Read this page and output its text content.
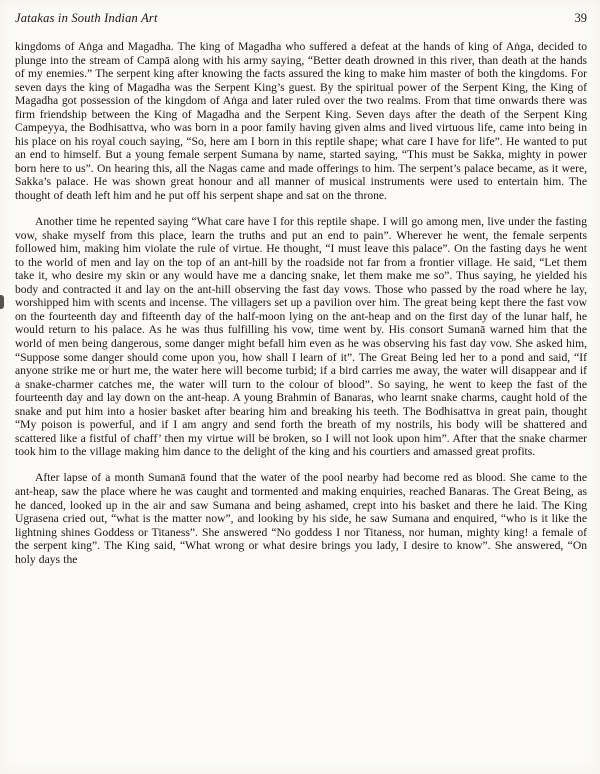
Jatakas in South Indian Art	39

kingdoms of Aṅga and Magadha. The king of Magadha who suffered a defeat at the hands of king of Aṅga, decided to plunge into the stream of Campā along with his army saying, “Better death drowned in this river, than death at the hands of my enemies.” The serpent king after knowing the facts assured the king to make him master of both the kingdoms. For seven days the king of Magadha was the Serpent King’s guest. By the spiritual power of the Serpent King, the King of Magadha got possession of the kingdom of Aṅga and later ruled over the two realms. From that time onwards there was firm friendship between the King of Magadha and the Serpent King. Seven days after the death of the Serpent King Campeyya, the Bodhisattva, who was born in a poor family having given alms and lived virtuous life, came into being in his place on his royal couch saying, “So, here am I born in this reptile shape; what care I have for life”. He wanted to put an end to himself. But a young female serpent Sumana by name, started saying, “This must be Sakka, mighty in power born here to us”. On hearing this, all the Nagas came and made offerings to him. The serpent’s palace became, as it were, Sakka’s palace. He was shown great honour and all manner of musical instruments were used to entertain him. The thought of death left him and he put off his serpent shape and sat on the throne.

Another time he repented saying “What care have I for this reptile shape. I will go among men, live under the fasting vow, shake myself from this place, learn the truths and put an end to pain”. Wherever he went, the female serpents followed him, making him violate the rule of virtue. He thought, “I must leave this palace”. On the fasting days he went to the world of men and lay on the top of an ant-hill by the roadside not far from a frontier village. He said, “Let them take it, who desire my skin or any would have me a dancing snake, let them make me so”. Thus saying, he yielded his body and contracted it and lay on the ant-hill observing the fast day vows. Those who passed by the road where he lay, worshipped him with scents and incense. The villagers set up a pavilion over him. The great being kept there the fast vow on the fourteenth day and fifteenth day of the half-moon lying on the ant-heap and on the first day of the lunar half, he would return to his palace. As he was thus fulfilling his vow, time went by. His consort Sumanā warned him that the world of men being dangerous, some danger might befall him even as he was observing his fast day vow. She asked him, “Suppose some danger should come upon you, how shall I learn of it”. The Great Being led her to a pond and said, “If anyone strike me or hurt me, the water here will become turbid; if a bird carries me away, the water will disappear and if a snake-charmer catches me, the water will turn to the colour of blood”. So saying, he went to keep the fast of the fourteenth day and lay down on the ant-heap. A young Brahmin of Banaras, who learnt snake charms, caught hold of the snake and put him into a hosier basket after bearing him and breaking his teeth. The Bodhisattva in great pain, thought “My poison is powerful, and if I am angry and send forth the breath of my nostrils, his body will be shattered and scattered like a fistful of chaff’ then my virtue will be broken, so I will not look upon him”. After that the snake charmer took him to the village making him dance to the delight of the king and his courtiers and amassed great profits.

After lapse of a month Sumanā found that the water of the pool nearby had become red as blood. She came to the ant-heap, saw the place where he was caught and tormented and making enquiries, reached Banaras. The Great Being, as he danced, looked up in the air and saw Sumana and being ashamed, crept into his basket and there he laid. The King Ugrasena cried out, “what is the matter now”, and looking by his side, he saw Sumana and enquired, “who is it like the lightning shines Goddess or Titaness”. She answered “No goddess I nor Titaness, nor human, mighty king! a female of the serpent king”. The King said, “What wrong or what desire brings you lady, I desire to know”. She answered, “On holy days the
